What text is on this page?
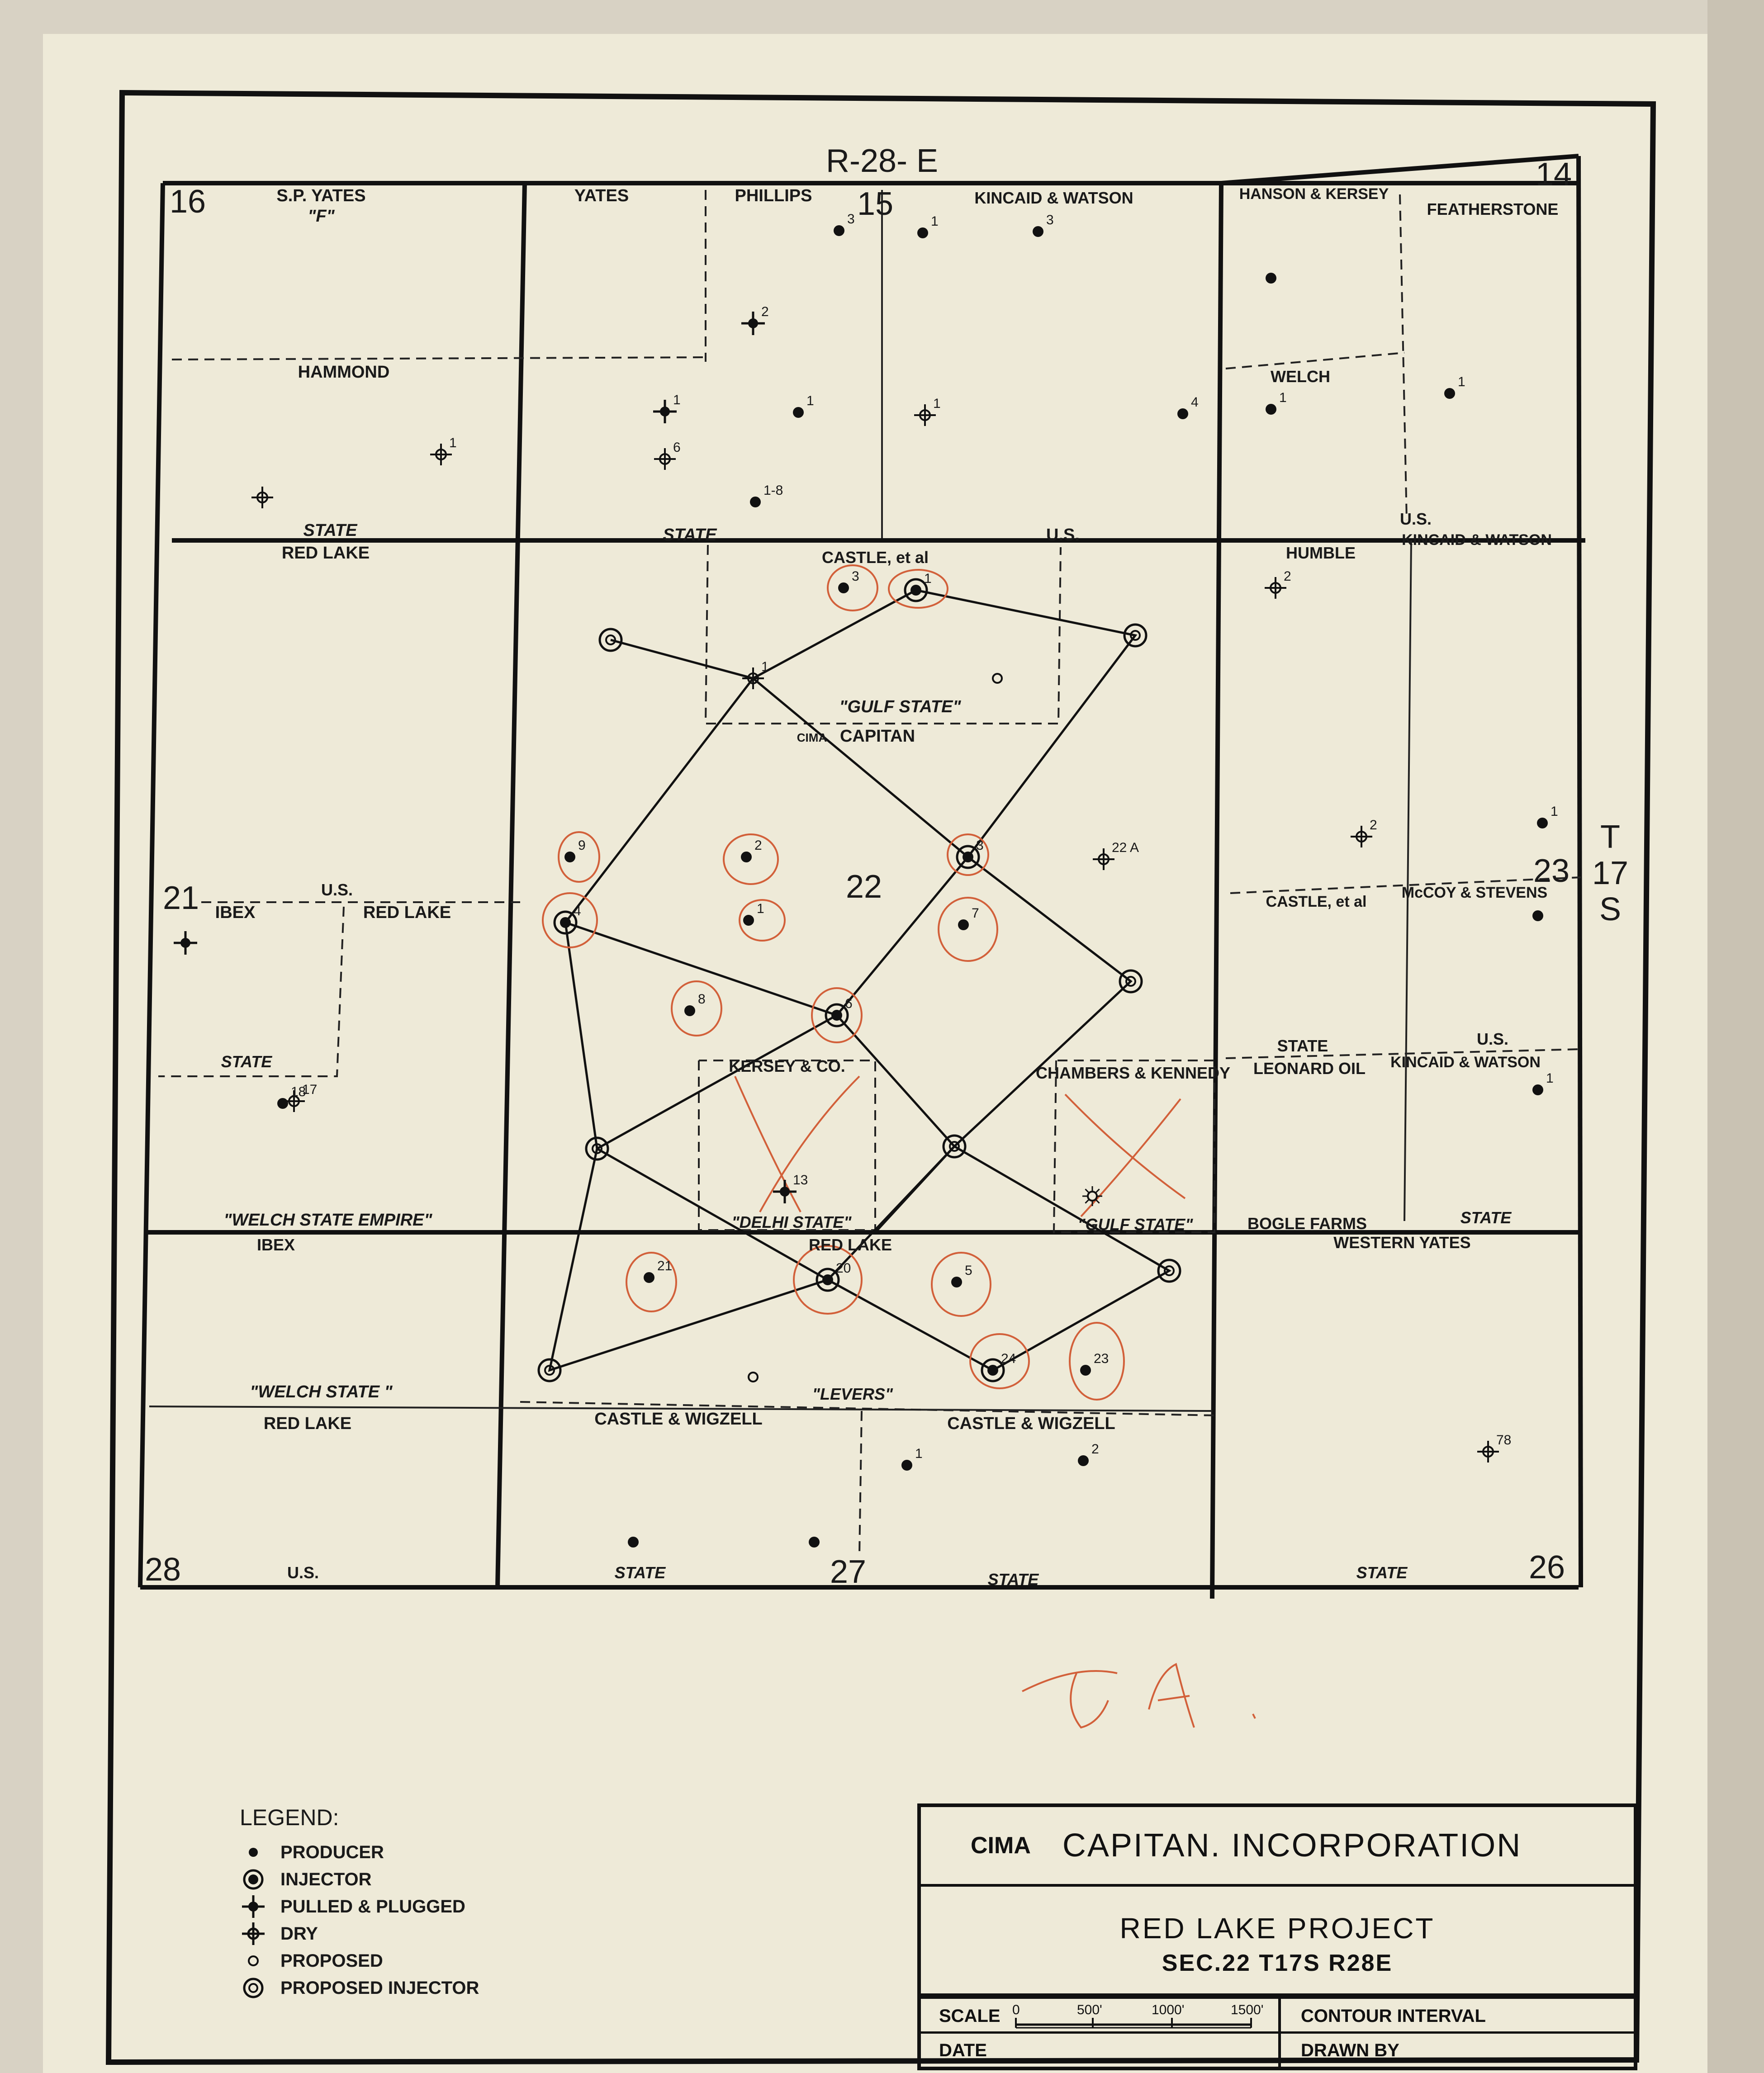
R-28- E
T
17
S
16	15
14
21	22	23
28	27	26
S.P. YATES
"F"
YATES	PHILLIPS	KINCAID & WATSON	HANSON & KERSEY
FEATHERSTONE
HAMMOND	WELCH
STATE	STATE	U.S.
U.S.
RED LAKE	CASTLE, et al	HUMBLE
KINCAID & WATSON
"GULF STATE"
CIMA CAPITAN
IBEX
U.S.
RED LAKE
STATE
CASTLE, et al
McCOY & STEVENS
STATE	U.S.
LEONARD OIL KINCAID & WATSON
KERSEY & CO.	CHAMBERS & KENNEDY
"WELCH STATE EMPIRE"	"DELHI STATE"	"GULF STATE"	BOGLE FARMS	STATE
IBEX	RED LAKE	WESTERN YATES
"WELCH STATE "
RED LAKE
"LEVERS"
CASTLE & WIGZELL	CASTLE & WIGZELL
U.S.	STATE	STATE	STATE
3	1	3
2
1	1	1	4
6
1-8
1
1
1
2
3	1
1
3	22 A
2
1
9	2
4	1	7
8	6
1
17
18
13
21	20	5
24	23
1	2
78
LEGEND:
PRODUCER
INJECTOR
PULLED & PLUGGED
DRY
PROPOSED
PROPOSED INJECTOR
CIMA CAPITAN. INCORPORATION
RED LAKE PROJECT
SEC.22 T17S R28E
SCALE 0	500'	1000'	1500' CONTOUR INTERVAL
DATE	DRAWN BY
